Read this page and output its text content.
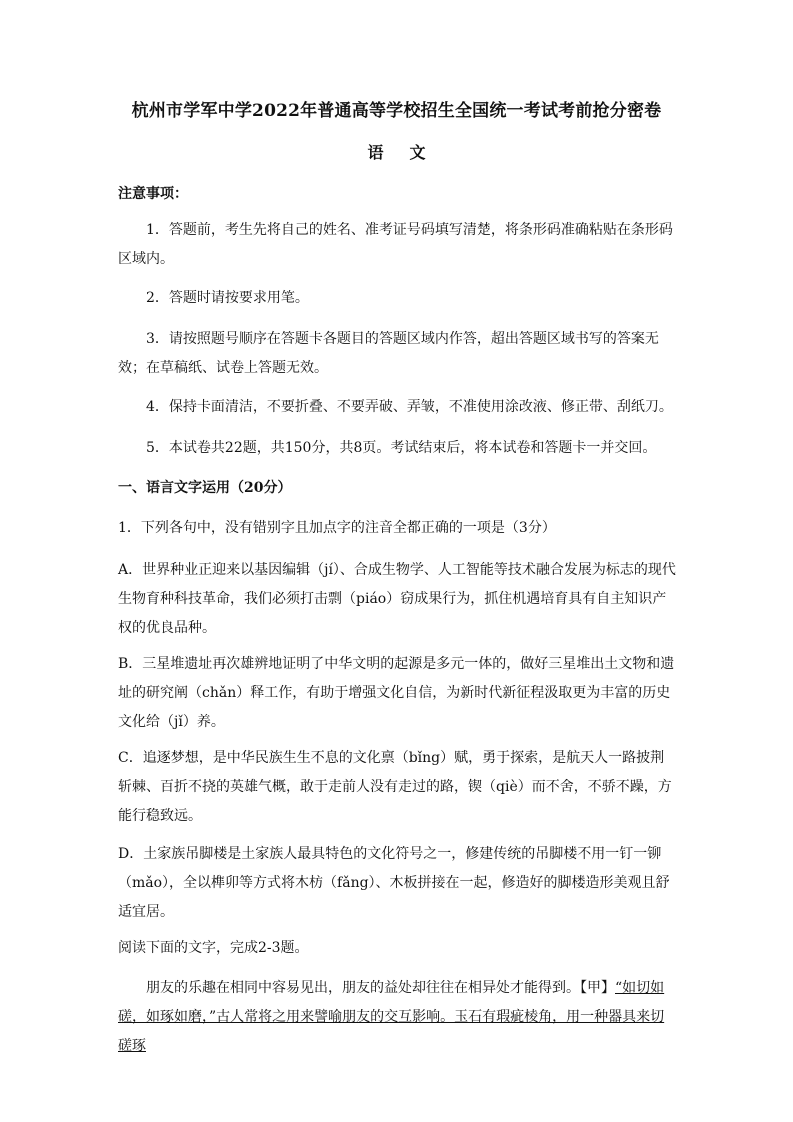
杭州市学军中学2022年普通高等学校招生全国统一考试考前抢分密卷
语文
注意事项：

1．答题前，考生先将自己的姓名、准考证号码填写清楚，将条形码准确粘贴在条形码区域内。

2．答题时请按要求用笔。

3．请按照题号顺序在答题卡各题目的答题区域内作答，超出答题区域书写的答案无效；在草稿纸、试卷上答题无效。

4．保持卡面清洁，不要折叠、不要弄破、弄皱，不准使用涂改液、修正带、刮纸刀。

5．本试卷共22题，共150分，共8页。考试结束后，将本试卷和答题卡一并交回。

一、语言文字运用（20分）

1．下列各句中，没有错别字且加点字的注音全都正确的一项是（3分）

A．世界种业正迎来以基因编辑（jí）、合成生物学、人工智能等技术融合发展为标志的现代生物育种科技革命，我们必须打击剽（piáo）窃成果行为，抓住机遇培育具有自主知识产权的优良品种。

B．三星堆遗址再次雄辨地证明了中华文明的起源是多元一体的，做好三星堆出土文物和遗址的研究阐（chǎn）释工作，有助于增强文化自信，为新时代新征程汲取更为丰富的历史文化给（jǐ）养。

C．追逐梦想，是中华民族生生不息的文化禀（bǐng）赋，勇于探索，是航天人一路披荆斩棘、百折不挠的英雄气概，敢于走前人没有走过的路，锲（qiè）而不舍，不骄不躁，方能行稳致远。

D．土家族吊脚楼是土家族人最具特色的文化符号之一，修建传统的吊脚楼不用一钉一铆（mǎo），全以榫卯等方式将木枋（fǎng）、木板拼接在一起，修造好的脚楼造形美观且舒适宜居。

阅读下面的文字，完成2-3题。

朋友的乐趣在相同中容易见出，朋友的益处却往往在相异处才能得到。【甲】“如切如磋，如琢如磨，”古人常将之用来譬喻朋友的交互影响。玉石有瑕疵棱角，用一种器具来切磋琢
